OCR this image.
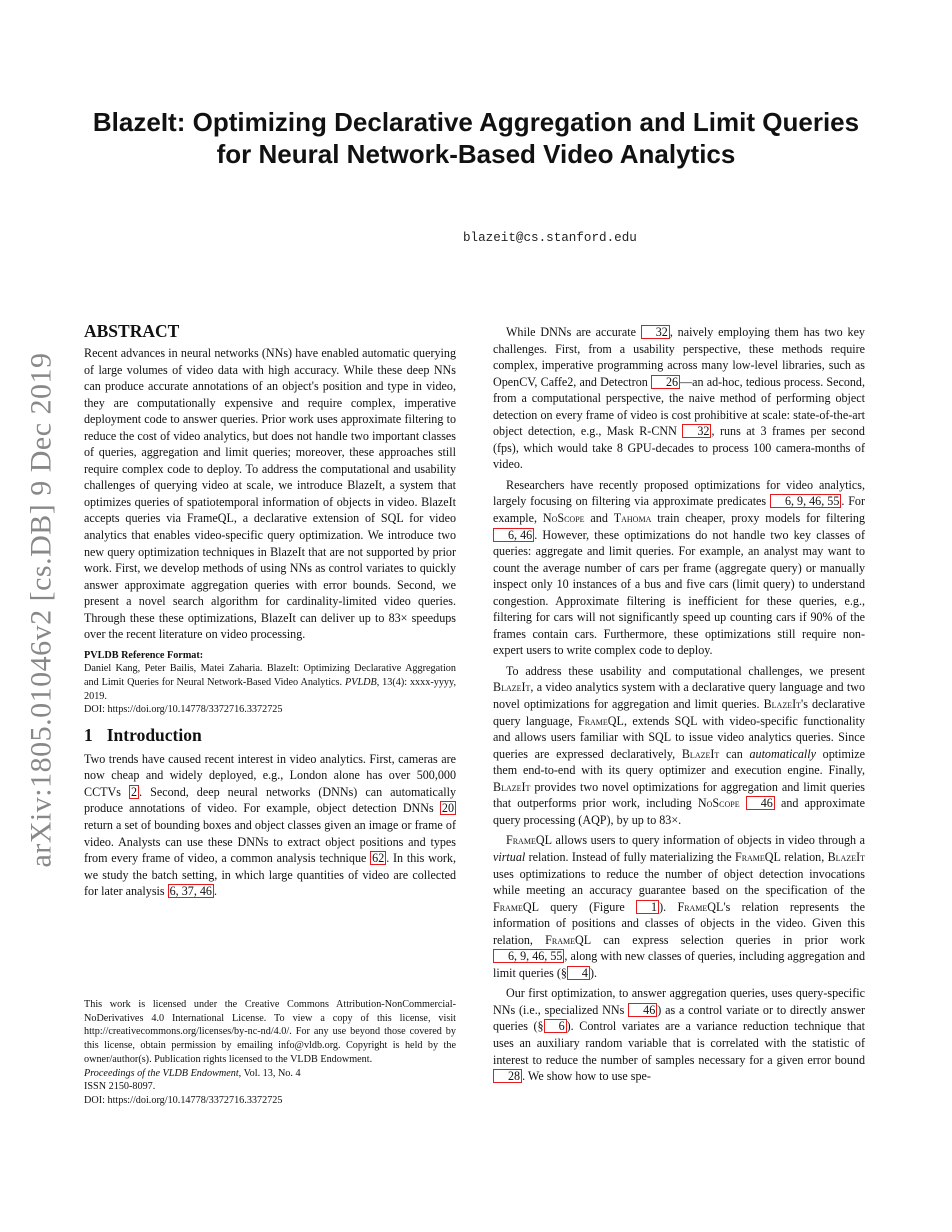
arXiv:1805.01046v2 [cs.DB] 9 Dec 2019
BlazeIt: Optimizing Declarative Aggregation and Limit Queries for Neural Network-Based Video Analytics
blazeit@cs.stanford.edu
ABSTRACT

Recent advances in neural networks (NNs) have enabled automatic querying of large volumes of video data with high accuracy. While these deep NNs can produce accurate annotations of an object's position and type in video, they are computationally expensive and require complex, imperative deployment code to answer queries. Prior work uses approximate filtering to reduce the cost of video analytics, but does not handle two important classes of queries, aggregation and limit queries; moreover, these approaches still require complex code to deploy. To address the computational and usability challenges of querying video at scale, we introduce BlazeIt, a system that optimizes queries of spatiotemporal information of objects in video. BlazeIt accepts queries via FrameQL, a declarative extension of SQL for video analytics that enables video-specific query optimization. We introduce two new query optimization techniques in BlazeIt that are not supported by prior work. First, we develop methods of using NNs as control variates to quickly answer approximate aggregation queries with error bounds. Second, we present a novel search algorithm for cardinality-limited video queries. Through these these optimizations, BlazeIt can deliver up to 83× speedups over the recent literature on video processing.

PVLDB Reference Format:
Daniel Kang, Peter Bailis, Matei Zaharia. BlazeIt: Optimizing Declarative Aggregation and Limit Queries for Neural Network-Based Video Analytics. PVLDB, 13(4): xxxx-yyyy, 2019.
DOI: https://doi.org/10.14778/3372716.3372725
1 Introduction

Two trends have caused recent interest in video analytics. First, cameras are now cheap and widely deployed, e.g., London alone has over 500,000 CCTVs 2 . Second, deep neural networks (DNNs) can automatically produce annotations of video. For example, object detection DNNs 20 return a set of bounding boxes and object classes given an image or frame of video. Analysts can use these DNNs to extract object positions and types from every frame of video, a common analysis technique 62 . In this work, we study the batch setting, in which large quantities of video are collected for later analysis 6, 37, 46 .

This work is licensed under the Creative Commons Attribution-NonCommercial-NoDerivatives 4.0 International License. To view a copy of this license, visit http://creativecommons.org/licenses/by-nc-nd/4.0/. For any use beyond those covered by this license, obtain permission by emailing info@vldb.org. Copyright is held by the owner/author(s). Publication rights licensed to the VLDB Endowment.

Proceedings of the VLDB Endowment, Vol. 13, No. 4

ISSN 2150-8097.

DOI: https://doi.org/10.14778/3372716.3372725

While DNNs are accurate 32 , naively employing them has two key challenges. First, from a usability perspective, these methods require complex, imperative programming across many low-level libraries, such as OpenCV, Caffe2, and Detectron 26 —an ad-hoc, tedious process. Second, from a computational perspective, the naive method of performing object detection on every frame of video is cost prohibitive at scale: state-of-the-art object detection, e.g., Mask R-CNN 32 , runs at 3 frames per second (fps), which would take 8 GPU-decades to process 100 camera-months of video.

Researchers have recently proposed optimizations for video analytics, largely focusing on filtering via approximate predicates 6, 9, 46, 55 . For example, NoScope and Tahoma train cheaper, proxy models for filtering 6, 46 . However, these optimizations do not handle two key classes of queries: aggregate and limit queries. For example, an analyst may want to count the average number of cars per frame (aggregate query) or manually inspect only 10 instances of a bus and five cars (limit query) to understand congestion. Approximate filtering is inefficient for these queries, e.g., filtering for cars will not significantly speed up counting cars if 90% of the frames contain cars. Furthermore, these optimizations still require non-expert users to write complex code to deploy.

To address these usability and computational challenges, we present BlazeIt, a video analytics system with a declarative query language and two novel optimizations for aggregation and limit queries. BlazeIt's declarative query language, FrameQL, extends SQL with video-specific functionality and allows users familiar with SQL to issue video analytics queries. Since queries are expressed declaratively, BlazeIt can automatically optimize them end-to-end with its query optimizer and execution engine. Finally, BlazeIt provides two novel optimizations for aggregation and limit queries that outperforms prior work, including NoScope 46 and approximate query processing (AQP), by up to 83×.

FrameQL allows users to query information of objects in video through a virtual relation. Instead of fully materializing the FrameQL relation, BlazeIt uses optimizations to reduce the number of object detection invocations while meeting an accuracy guarantee based on the specification of the FrameQL query (Figure 1 ). FrameQL's relation represents the information of positions and classes of objects in the video. Given this relation, FrameQL can express selection queries in prior work 6, 9, 46, 55 , along with new classes of queries, including aggregation and limit queries (§ 4 ).

Our first optimization, to answer aggregation queries, uses query-specific NNs (i.e., specialized NNs 46 ) as a control variate or to directly answer queries (§ 6 ). Control variates are a variance reduction technique that uses an auxiliary random variable that is correlated with the statistic of interest to reduce the number of samples necessary for a given error bound 28 . We show how to use spe-
